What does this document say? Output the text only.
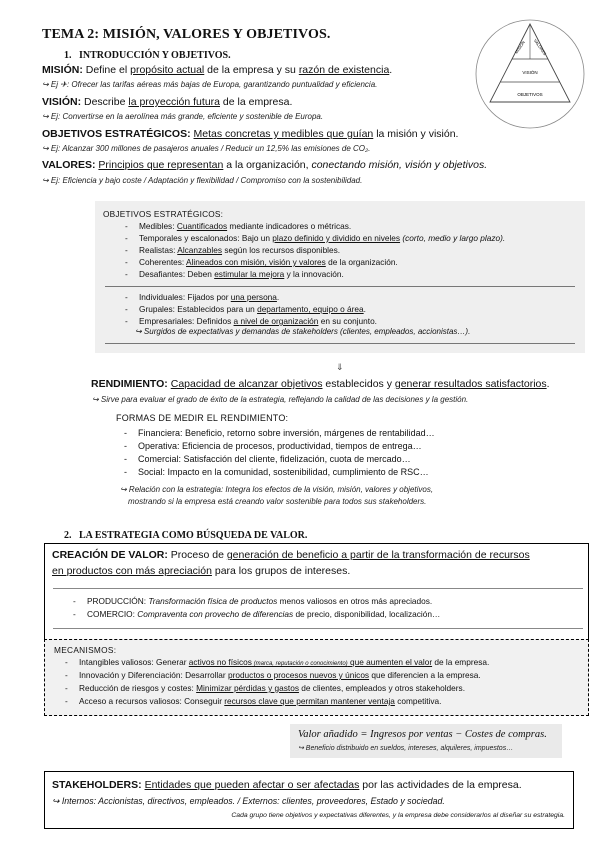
TEMA 2: MISIÓN, VALORES Y OBJETIVOS.
MISIÓN VALORES
VISIÓN
OBJETIVOS
1. INTRODUCCIÓN Y OBJETIVOS.
MISIÓN: Define el propósito actual de la empresa y su razón de existencia.
↪ Ej ✈: Ofrecer las tarifas aéreas más bajas de Europa, garantizando puntualidad y eficiencia.
VISIÓN: Describe la proyección futura de la empresa.
↪ Ej: Convertirse en la aerolínea más grande, eficiente y sostenible de Europa.
OBJETIVOS ESTRATÉGICOS: Metas concretas y medibles que guían la misión y visión.
↪ Ej: Alcanzar 300 millones de pasajeros anuales / Reducir un 12,5% las emisiones de CO₂.
VALORES: Principios que representan a la organización, conectando misión, visión y objetivos.
↪ Ej: Eficiencia y bajo coste / Adaptación y flexibilidad / Compromiso con la sostenibilidad.
OBJETIVOS ESTRATÉGICOS:
- Medibles: Cuantificados mediante indicadores o métricas.
- Temporales y escalonados: Bajo un plazo definido y dividido en niveles (corto, medio y largo plazo).
- Realistas: Alcanzables según los recursos disponibles.
- Coherentes: Alineados con misión, visión y valores de la organización.
- Desafiantes: Deben estimular la mejora y la innovación.
- Individuales: Fijados por una persona.
- Grupales: Establecidos para un departamento, equipo o área.
- Empresariales: Definidos a nivel de organización en su conjunto.
↪ Surgidos de expectativas y demandas de stakeholders (clientes, empleados, accionistas…).
⇓
RENDIMIENTO: Capacidad de alcanzar objetivos establecidos y generar resultados satisfactorios.
↪ Sirve para evaluar el grado de éxito de la estrategia, reflejando la calidad de las decisiones y la gestión.
FORMAS DE MEDIR EL RENDIMIENTO:
- Financiera: Beneficio, retorno sobre inversión, márgenes de rentabilidad…
- Operativa: Eficiencia de procesos, productividad, tiempos de entrega…
- Comercial: Satisfacción del cliente, fidelización, cuota de mercado…
- Social: Impacto en la comunidad, sostenibilidad, cumplimiento de RSC…
↪ Relación con la estrategia: Integra los efectos de la visión, misión, valores y objetivos,
mostrando si la empresa está creando valor sostenible para todos sus stakeholders.
2. LA ESTRATEGIA COMO BÚSQUEDA DE VALOR.
CREACIÓN DE VALOR: Proceso de generación de beneficio a partir de la transformación de recursos
en productos con más apreciación para los grupos de intereses.
- PRODUCCIÓN: Transformación física de productos menos valiosos en otros más apreciados.
- COMERCIO: Compraventa con provecho de diferencias de precio, disponibilidad, localización…
MECANISMOS:
- Intangibles valiosos: Generar activos no físicos (marca, reputación o conocimiento) que aumenten el valor de la empresa.
- Innovación y Diferenciación: Desarrollar productos o procesos nuevos y únicos que diferencien a la empresa.
- Reducción de riesgos y costes: Minimizar pérdidas y gastos de clientes, empleados y otros stakeholders.
- Acceso a recursos valiosos: Conseguir recursos clave que permitan mantener ventaja competitiva.
Valor añadido = Ingresos por ventas − Costes de compras.
↪ Beneficio distribuido en sueldos, intereses, alquileres, impuestos…
STAKEHOLDERS: Entidades que pueden afectar o ser afectadas por las actividades de la empresa.
↪ Internos: Accionistas, directivos, empleados. / Externos: clientes, proveedores, Estado y sociedad.
Cada grupo tiene objetivos y expectativas diferentes, y la empresa debe considerarlos al diseñar su estrategia.
